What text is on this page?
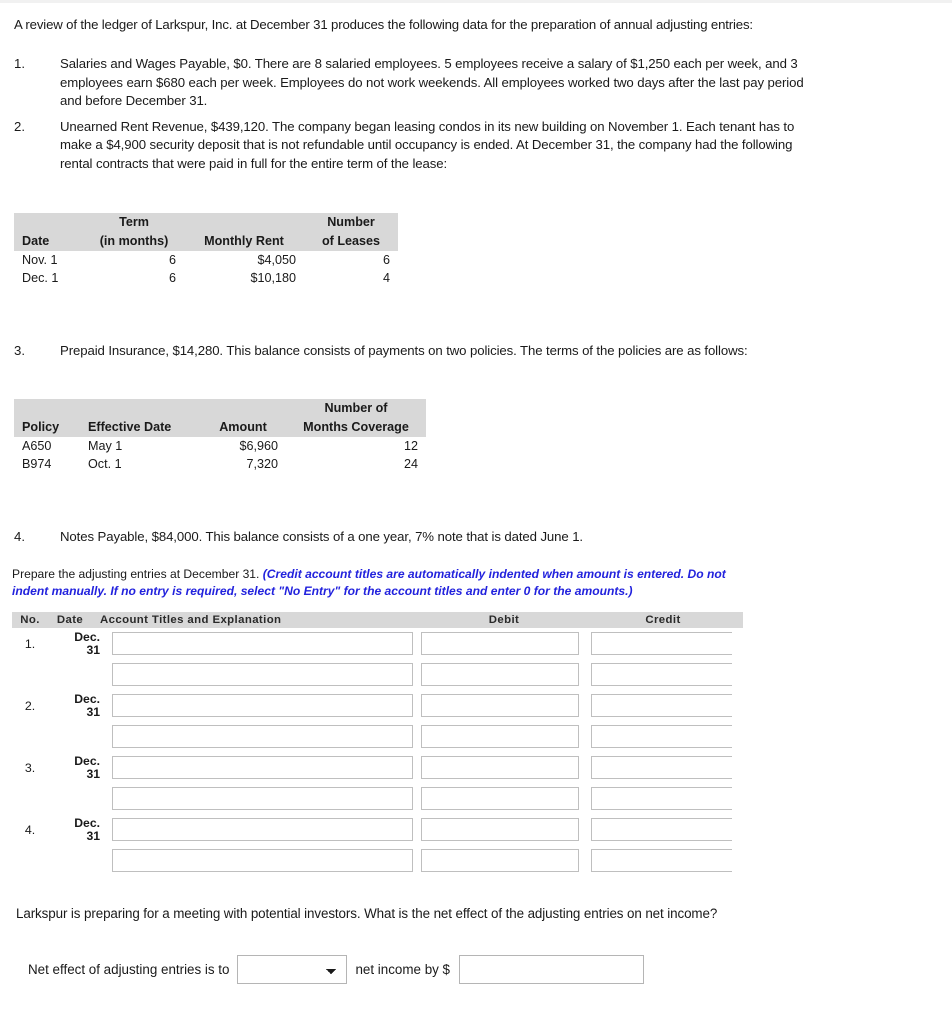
A review of the ledger of Larkspur, Inc. at December 31 produces the following data for the preparation of annual adjusting entries:
1.	Salaries and Wages Payable, $0. There are 8 salaried employees. 5 employees receive a salary of $1,250 each per week, and 3 employees earn $680 each per week. Employees do not work weekends. All employees worked two days after the last pay period and before December 31.
2.	Unearned Rent Revenue, $439,120. The company began leasing condos in its new building on November 1. Each tenant has to make a $4,900 security deposit that is not refundable until occupancy is ended. At December 31, the company had the following rental contracts that were paid in full for the entire term of the lease:
	Term		Number
Date	(in months)	Monthly Rent	of Leases
Nov. 1	6	$4,050	6
Dec. 1	6	$10,180	4
3.	Prepaid Insurance, $14,280. This balance consists of payments on two policies. The terms of the policies are as follows:
			Number of
Policy	Effective Date	Amount	Months Coverage
A650	May 1	$6,960	12
B974	Oct. 1	7,320	24
4.	Notes Payable, $84,000. This balance consists of a one year, 7% note that is dated June 1.
Prepare the adjusting entries at December 31. (Credit account titles are automatically indented when amount is entered. Do not indent manually. If no entry is required, select "No Entry" for the account titles and enter 0 for the amounts.)
No.	Date	Account Titles and Explanation	Debit	Credit
1.	Dec.
31
2.	Dec.
31
3.	Dec.
31
4.	Dec.
31
Larkspur is preparing for a meeting with potential investors. What is the net effect of the adjusting entries on net income?
Net effect of adjusting entries is to	net income by $
